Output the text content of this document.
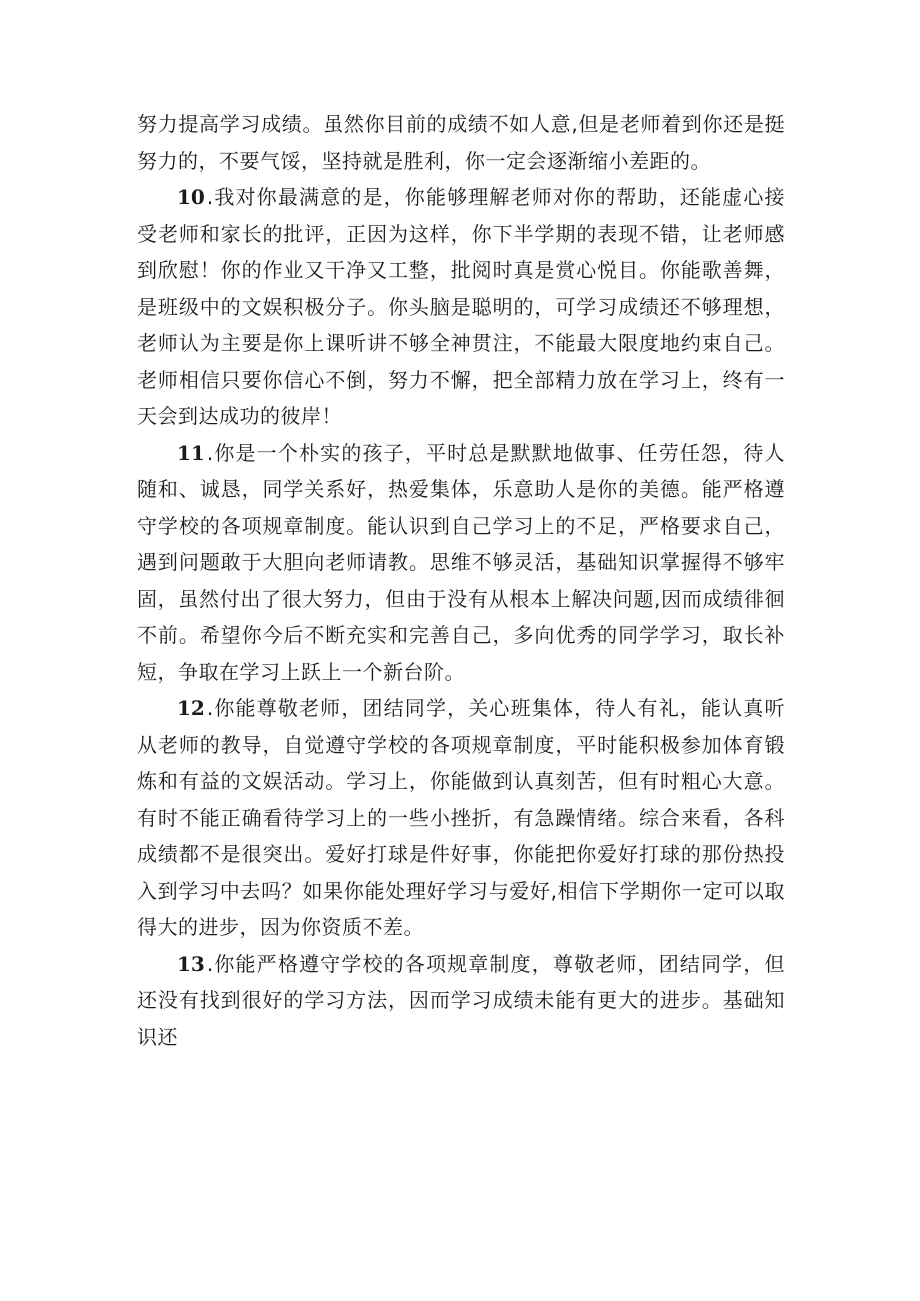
努力提高学习成绩。虽然你目前的成绩不如人意,但是老师着到你还是挺努力的，不要气馁，坚持就是胜利，你一定会逐渐缩小差距的。

10 .我对你最满意的是，你能够理解老师对你的帮助，还能虚心接受老师和家长的批评，正因为这样，你下半学期的表现不错，让老师感到欣慰！你的作业又干净又工整，批阅时真是赏心悦目。你能歌善舞，是班级中的文娱积极分子。你头脑是聪明的，可学习成绩还不够理想，老师认为主要是你上课听讲不够全神贯注，不能最大限度地约束自己。老师相信只要你信心不倒，努力不懈，把全部精力放在学习上，终有一天会到达成功的彼岸！

11 .你是一个朴实的孩子，平时总是默默地做事、任劳任怨，待人随和、诚恳，同学关系好，热爱集体，乐意助人是你的美德。能严格遵守学校的各项规章制度。能认识到自己学习上的不足，严格要求自己，遇到问题敢于大胆向老师请教。思维不够灵活，基础知识掌握得不够牢固，虽然付出了很大努力，但由于没有从根本上解决问题,因而成绩徘徊不前。希望你今后不断充实和完善自己，多向优秀的同学学习，取长补短，争取在学习上跃上一个新台阶。

12 .你能尊敬老师，团结同学，关心班集体，待人有礼，能认真听从老师的教导，自觉遵守学校的各项规章制度，平时能积极参加体育锻炼和有益的文娱活动。学习上，你能做到认真刻苦，但有时粗心大意。有时不能正确看待学习上的一些小挫折，有急躁情绪。综合来看，各科成绩都不是很突出。爱好打球是件好事，你能把你爱好打球的那份热投入到学习中去吗？如果你能处理好学习与爱好,相信下学期你一定可以取得大的进步，因为你资质不差。

13 .你能严格遵守学校的各项规章制度，尊敬老师，团结同学，但还没有找到很好的学习方法，因而学习成绩未能有更大的进步。基础知识还
